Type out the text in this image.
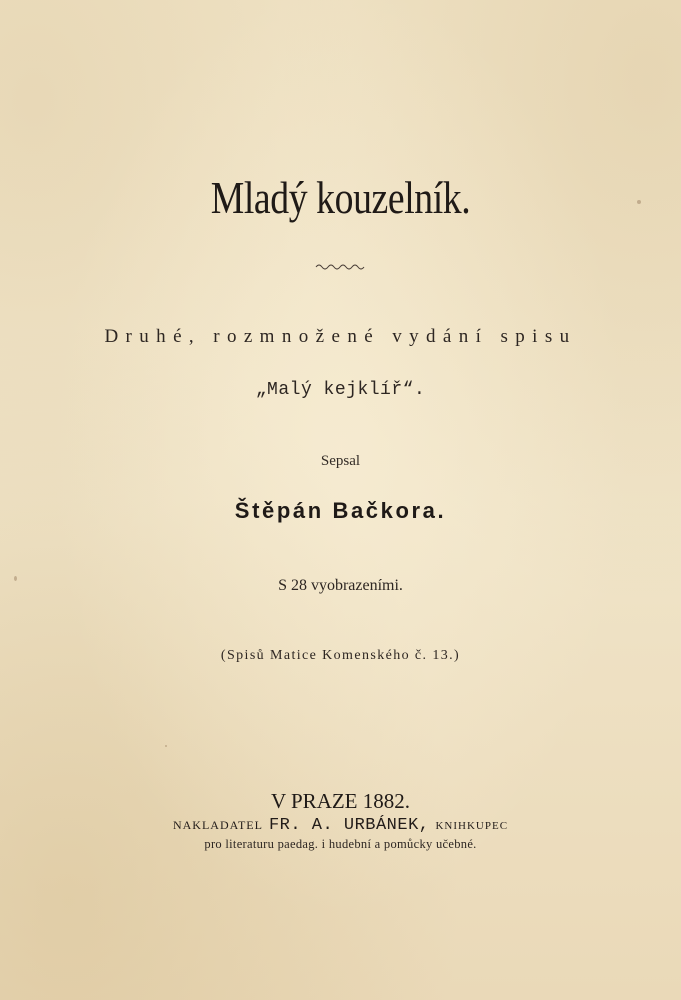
Mladý kouzelník.
Druhé, rozmnožené vydání spisu
„Malý kejklíř“.
Sepsal
Štěpán Bačkora.
S 28 vyobrazeními.
(Spisů Matice Komenského č. 13.)
V PRAZE 1882.
NAKLADATEL FR. A. URBÁNEK, KNIHKUPEC
pro literaturu paedag. i hudební a pomůcky učebné.
